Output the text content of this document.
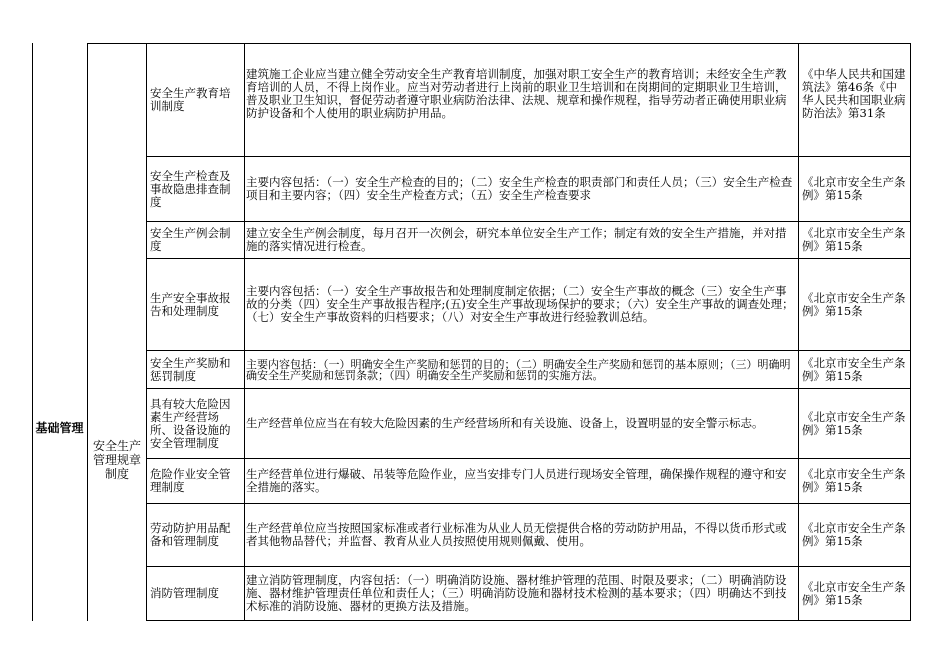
基础管理
安全生产管理规章制度
安全生产教育培训制度
建筑施工企业应当建立健全劳动安全生产教育培训制度，加强对职工安全生产的教育培训；未经安全生产教育培训的人员，不得上岗作业。应当对劳动者进行上岗前的职业卫生培训和在岗期间的定期职业卫生培训，普及职业卫生知识，督促劳动者遵守职业病防治法律、法规、规章和操作规程，指导劳动者正确使用职业病防护设备和个人使用的职业病防护用品。
《中华人民共和国建筑法》第46条《中华人民共和国职业病防治法》第31条
安全生产检查及事故隐患排查制度
主要内容包括：（一）安全生产检查的目的；（二）安全生产检查的职责部门和责任人员；（三）安全生产检查项目和主要内容；（四）安全生产检查方式；（五）安全生产检查要求
《北京市安全生产条例》第15条
安全生产例会制度
建立安全生产例会制度，每月召开一次例会，研究本单位安全生产工作；制定有效的安全生产措施，并对措施的落实情况进行检查。
《北京市安全生产条例》第15条
生产安全事故报告和处理制度
主要内容包括：（一）安全生产事故报告和处理制度制定依据；（二）安全生产事故的概念（三）安全生产事故的分类（四）安全生产事故报告程序;(五)安全生产事故现场保护的要求；（六）安全生产事故的调查处理；（七）安全生产事故资料的归档要求；（八）对安全生产事故进行经验教训总结。
《北京市安全生产条例》第15条
安全生产奖励和惩罚制度
主要内容包括：（一）明确安全生产奖励和惩罚的目的；（二）明确安全生产奖励和惩罚的基本原则；（三）明确明确安全生产奖励和惩罚条款；（四）明确安全生产奖励和惩罚的实施方法。
《北京市安全生产条例》第15条
具有较大危险因素生产经营场所、设备设施的安全管理制度
生产经营单位应当在有较大危险因素的生产经营场所和有关设施、设备上，设置明显的安全警示标志。	《北京市安全生产条例》第15条
危险作业安全管理制度
生产经营单位进行爆破、吊装等危险作业，应当安排专门人员进行现场安全管理，确保操作规程的遵守和安全措施的落实。
《北京市安全生产条例》第15条
劳动防护用品配备和管理制度
生产经营单位应当按照国家标准或者行业标准为从业人员无偿提供合格的劳动防护用品，不得以货币形式或者其他物品替代；并监督、教育从业人员按照使用规则佩戴、使用。
《北京市安全生产条例》第15条
消防管理制度
建立消防管理制度，内容包括：（一）明确消防设施、器材维护管理的范围、时限及要求；（二）明确消防设施、器材维护管理责任单位和责任人；（三）明确消防设施和器材技术检测的基本要求；（四）明确达不到技术标准的消防设施、器材的更换方法及措施。
《北京市安全生产条例》第15条
